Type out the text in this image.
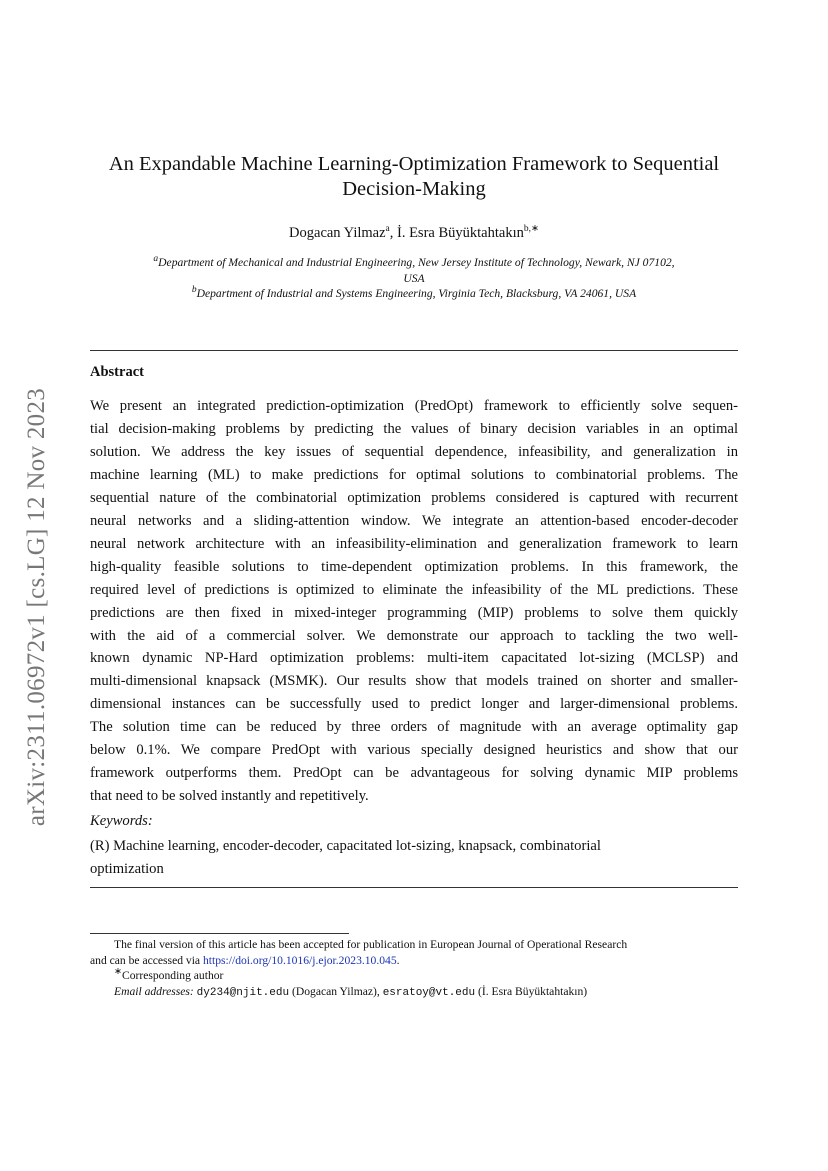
arXiv:2311.06972v1 [cs.LG] 12 Nov 2023
An Expandable Machine Learning-Optimization Framework to Sequential
Decision-Making
Dogacan Yilmaz$^a$, İ. Esra Büyüktahtakın$^{b,∗}$
$^a$Department of Mechanical and Industrial Engineering, New Jersey Institute of Technology, Newark, NJ 07102,
USA
$^b$Department of Industrial and Systems Engineering, Virginia Tech, Blacksburg, VA 24061, USA
Abstract

We present an integrated prediction-optimization (PredOpt) framework to efficiently solve sequen-

tial decision-making problems by predicting the values of binary decision variables in an optimal

solution. We address the key issues of sequential dependence, infeasibility, and generalization in

machine learning (ML) to make predictions for optimal solutions to combinatorial problems. The

sequential nature of the combinatorial optimization problems considered is captured with recurrent

neural networks and a sliding-attention window. We integrate an attention-based encoder-decoder

neural network architecture with an infeasibility-elimination and generalization framework to learn

high-quality feasible solutions to time-dependent optimization problems. In this framework, the

required level of predictions is optimized to eliminate the infeasibility of the ML predictions. These

predictions are then fixed in mixed-integer programming (MIP) problems to solve them quickly

with the aid of a commercial solver. We demonstrate our approach to tackling the two well-

known dynamic NP-Hard optimization problems: multi-item capacitated lot-sizing (MCLSP) and

multi-dimensional knapsack (MSMK). Our results show that models trained on shorter and smaller-

dimensional instances can be successfully used to predict longer and larger-dimensional problems.

The solution time can be reduced by three orders of magnitude with an average optimality gap

below 0.1%. We compare PredOpt with various specially designed heuristics and show that our

framework outperforms them. PredOpt can be advantageous for solving dynamic MIP problems

that need to be solved instantly and repetitively.

Keywords:
(R) Machine learning, encoder-decoder, capacitated lot-sizing, knapsack, combinatorial
optimization

The final version of this article has been accepted for publication in European Journal of Operational Research

and can be accessed via https://doi.org/10.1016/j.ejor.2023.10.045.

∗Corresponding author

Email addresses: dy234@njit.edu (Dogacan Yilmaz), esratoy@vt.edu (İ. Esra Büyüktahtakın)
